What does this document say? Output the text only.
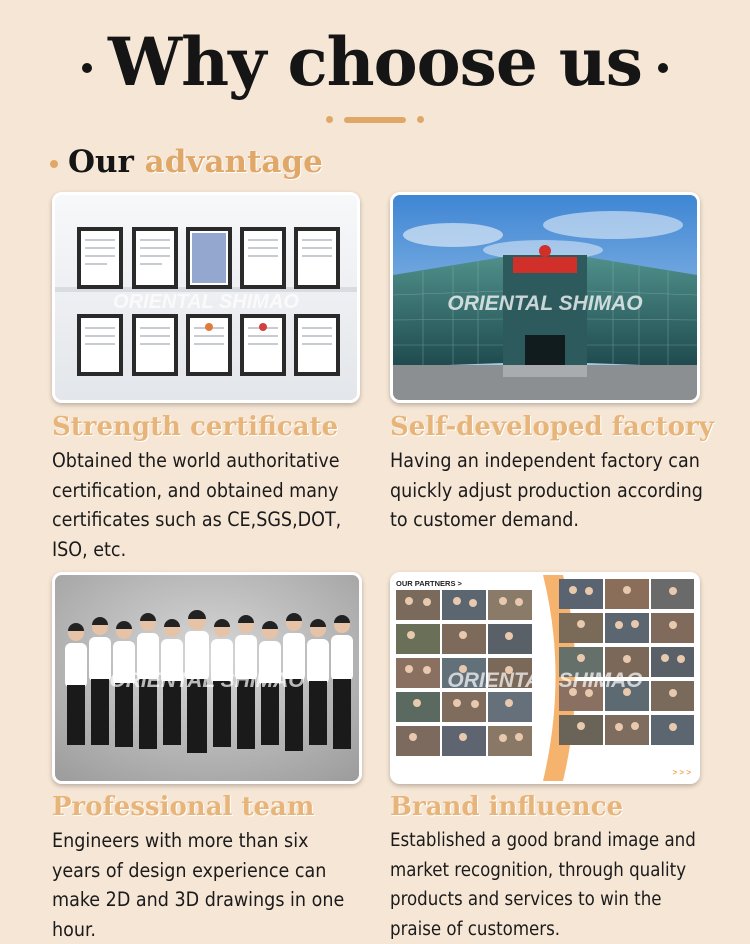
Why choose us
Our advantage
ORIENTAL SHIMAO	ORIENTAL SHIMAO
Strength certificate
Obtained the world authoritative certification, and obtained many certificates such as CE,SGS,DOT, ISO, etc.
Self-developed factory
Having an independent factory can quickly adjust production according to customer demand.
ORIENTAL SHIMAO
OUR PARTNERS >
> > >
ORIENTAL SHIMAO
Professional team
Engineers with more than six years of design experience can make 2D and 3D drawings in one hour.
Brand influence
Established a good brand image and market recognition, through quality products and services to win the praise of customers.
